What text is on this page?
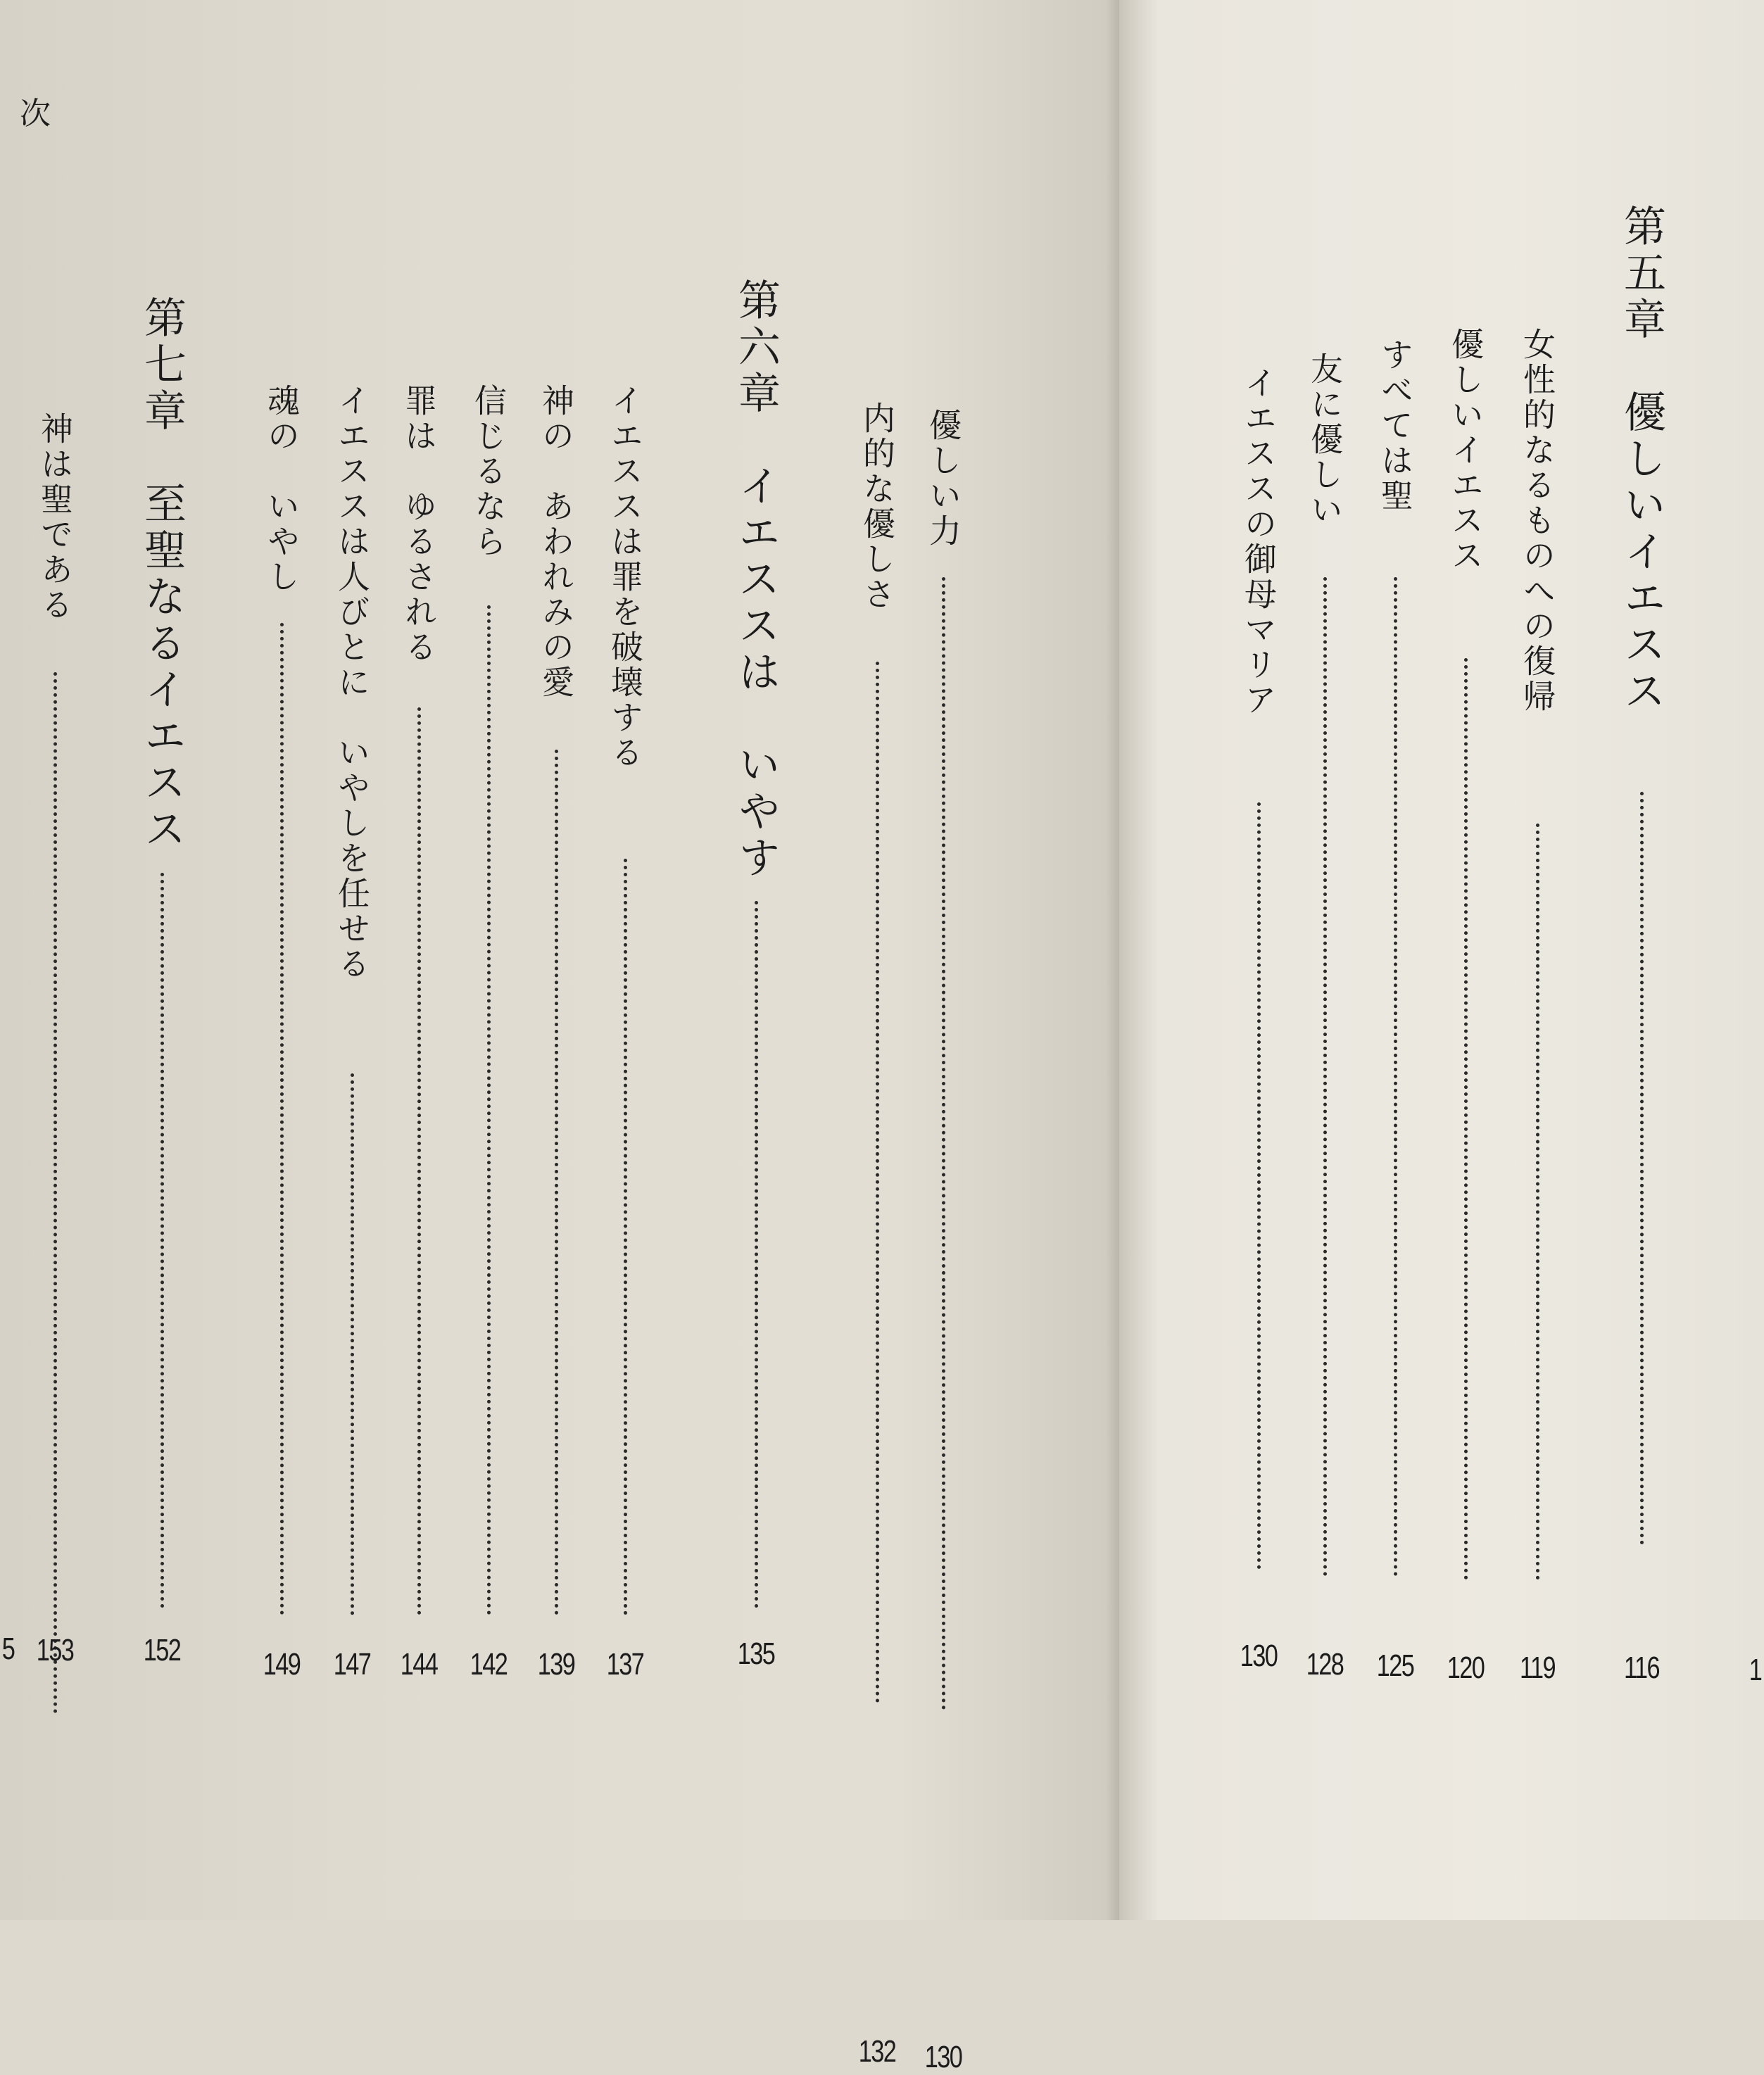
次
5
優しい力
130
内的な優しさ
132
第六章　イエススは　いやす
135
イエススは罪を破壊する
137
神の　あわれみの愛
139
信じるなら
142
罪は　ゆるされる
144
イエススは人びとに　いやしを任せる
147
魂の　いやし
149
第七章　至聖なるイエスス
152
神は聖である
153
1
第五章　優しいイエスス
116
女性的なるものへの復帰
119
優しいイエスス
120
すべては聖
125
友に優しい
128
イエススの御母マリア
130
